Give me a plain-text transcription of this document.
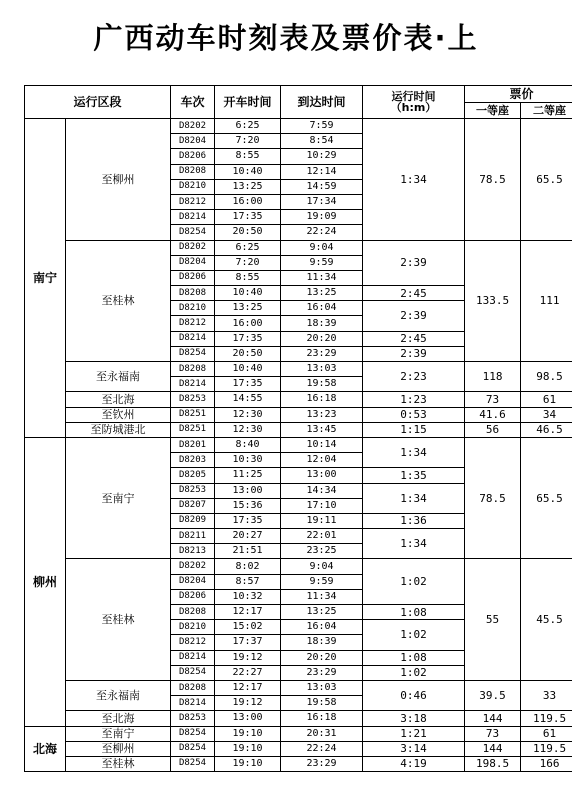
广西动车时刻表及票价表·上
运行区段		车次	开车时间	到达时间	运行时间
（h:m）	票价	
						一等座	二等座
南宁	至柳州	D8202	6:25	7:59	1:34	78.5	65.5
		D8204	7:20	8:54			
		D8206	8:55	10:29			
		D8208	10:40	12:14			
		D8210	13:25	14:59			
		D8212	16:00	17:34			
		D8214	17:35	19:09			
		D8254	20:50	22:24			
	至桂林	D8202	6:25	9:04	2:39	133.5	111
		D8204	7:20	9:59			
		D8206	8:55	11:34			
		D8208	10:40	13:25	2:45		
		D8210	13:25	16:04	2:39		
		D8212	16:00	18:39			
		D8214	17:35	20:20	2:45		
		D8254	20:50	23:29	2:39		
	至永福南	D8208	10:40	13:03	2:23	118	98.5
		D8214	17:35	19:58			
	至北海	D8253	14:55	16:18	1:23	73	61
	至钦州	D8251	12:30	13:23	0:53	41.6	34
	至防城港北	D8251	12:30	13:45	1:15	56	46.5
柳州	至南宁	D8201	8:40	10:14	1:34	78.5	65.5
		D8203	10:30	12:04			
		D8205	11:25	13:00	1:35		
		D8253	13:00	14:34	1:34		
		D8207	15:36	17:10			
		D8209	17:35	19:11	1:36		
		D8211	20:27	22:01	1:34		
		D8213	21:51	23:25			
	至桂林	D8202	8:02	9:04	1:02	55	45.5
		D8204	8:57	9:59			
		D8206	10:32	11:34			
		D8208	12:17	13:25	1:08		
		D8210	15:02	16:04	1:02		
		D8212	17:37	18:39			
		D8214	19:12	20:20	1:08		
		D8254	22:27	23:29	1:02		
	至永福南	D8208	12:17	13:03	0:46	39.5	33
		D8214	19:12	19:58			
	至北海	D8253	13:00	16:18	3:18	144	119.5
北海	至南宁	D8254	19:10	20:31	1:21	73	61
	至柳州	D8254	19:10	22:24	3:14	144	119.5
	至桂林	D8254	19:10	23:29	4:19	198.5	166
